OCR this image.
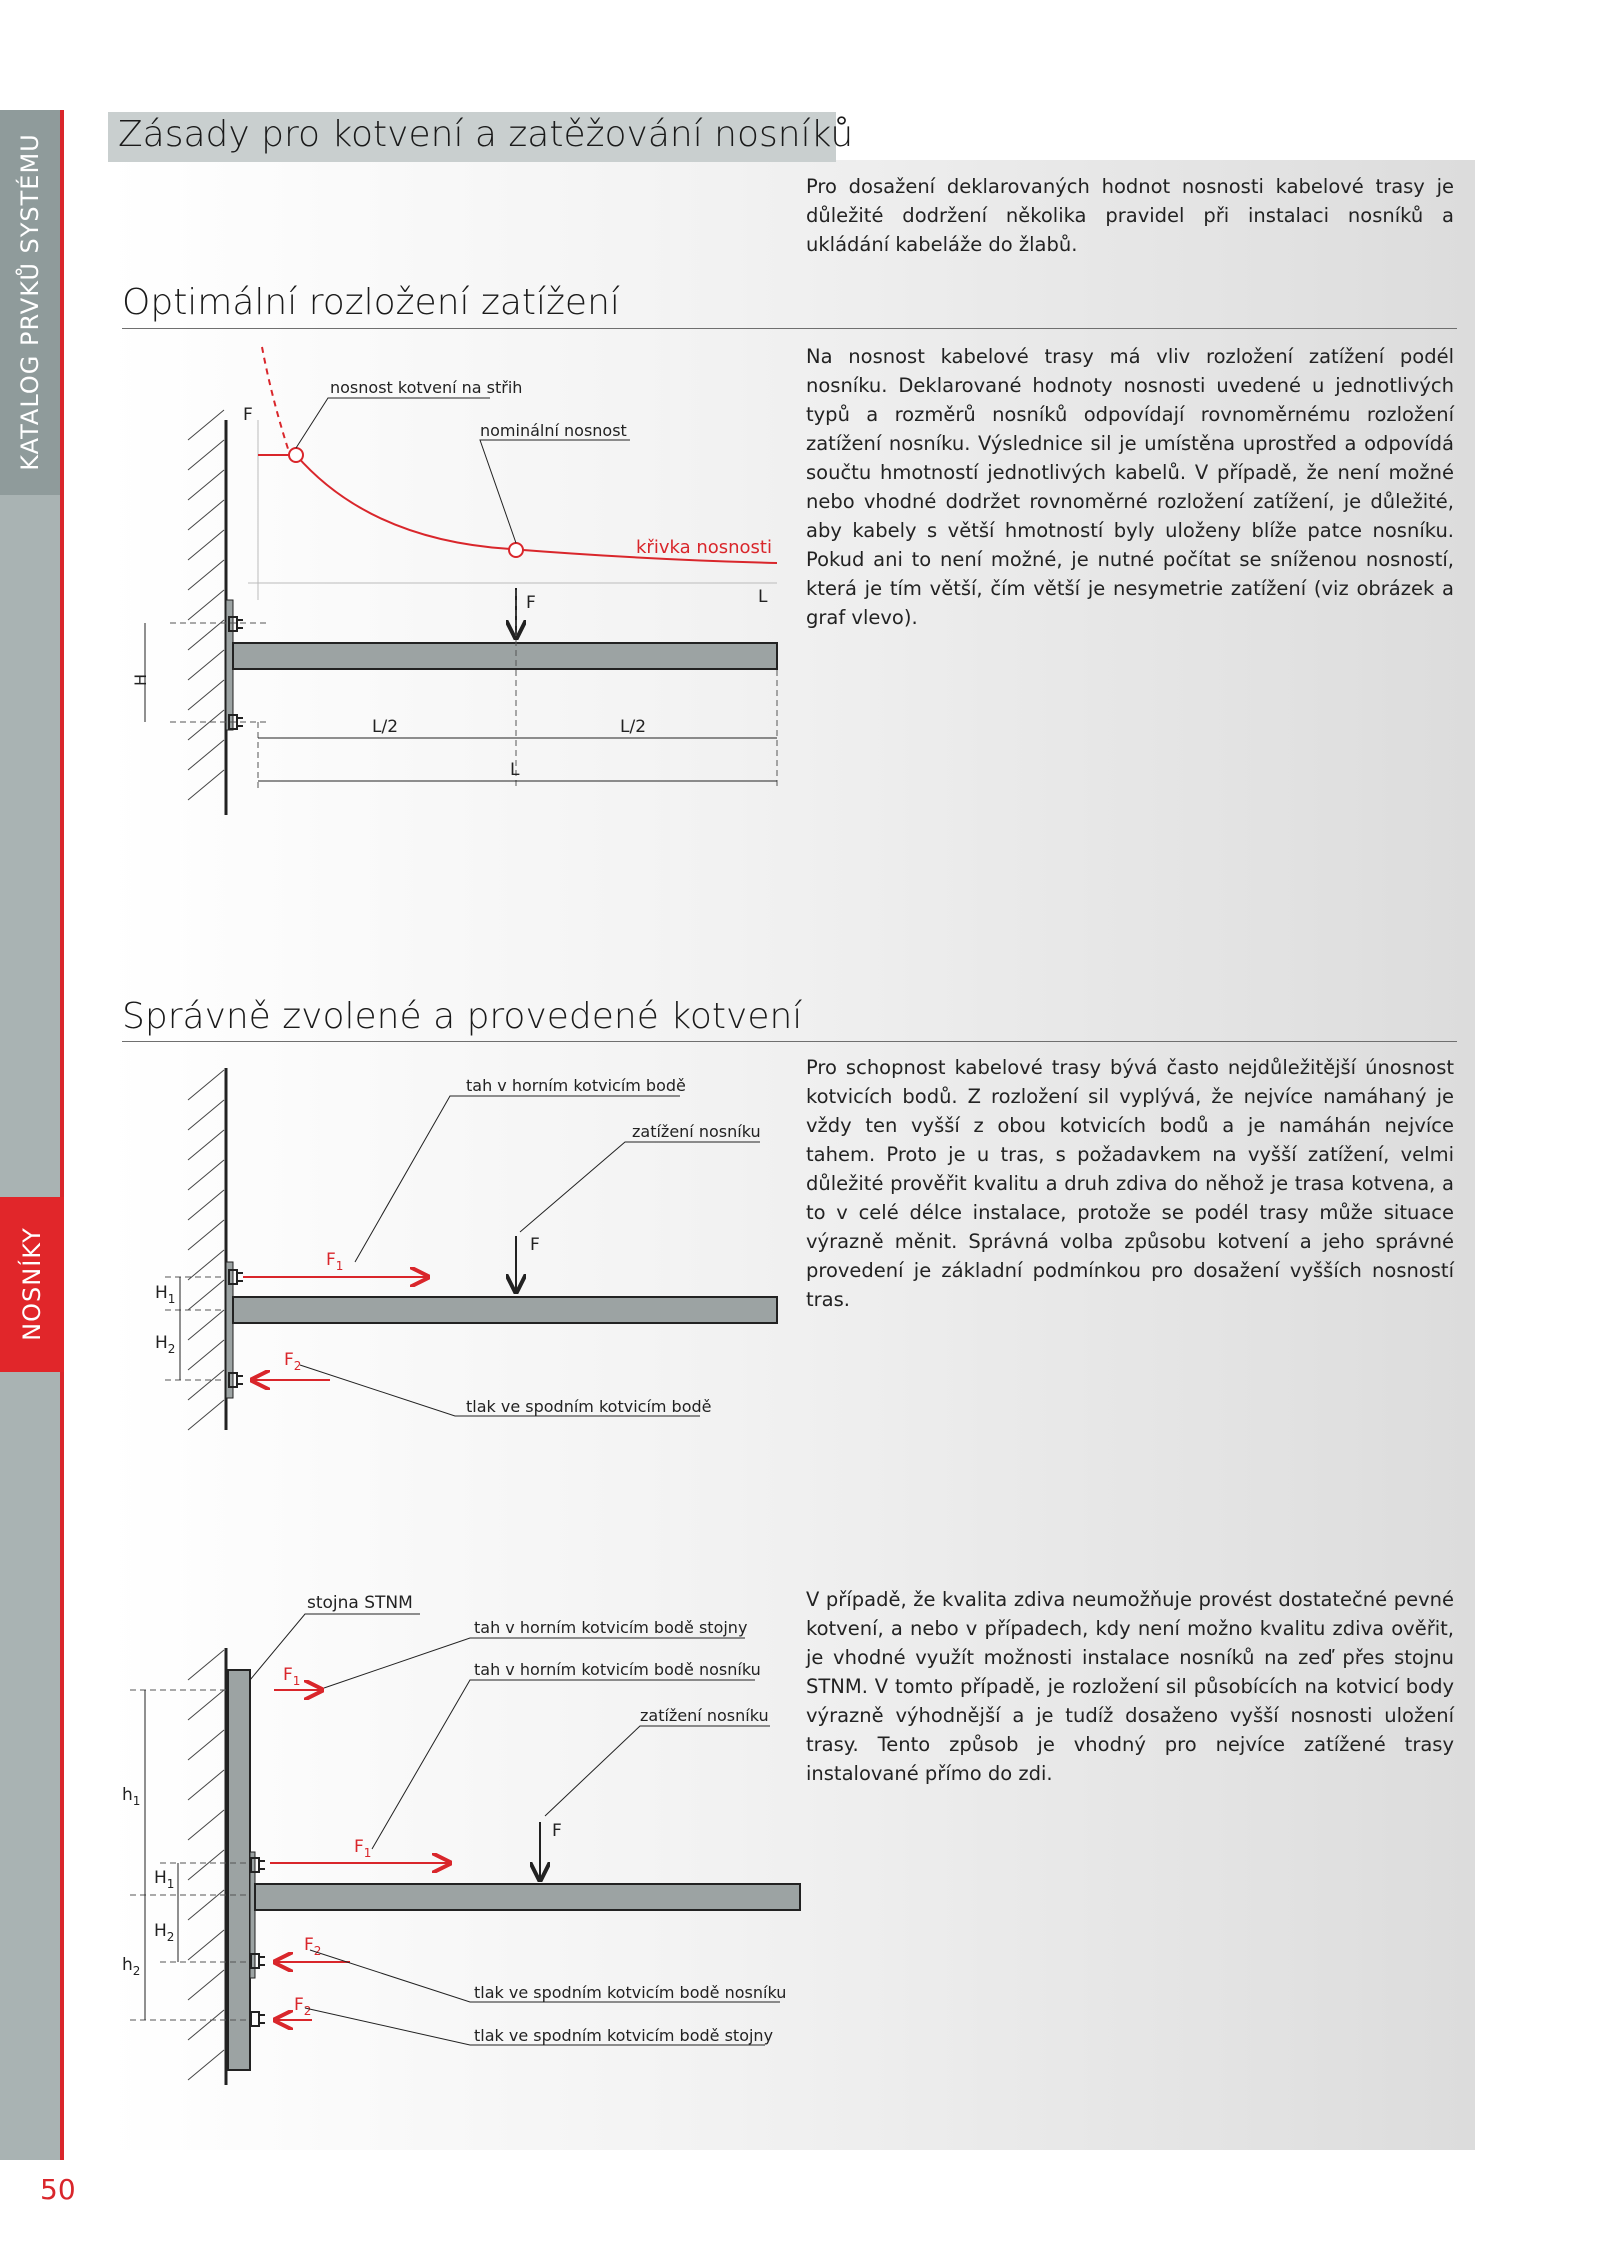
KATALOG PRVKŮ SYSTÉMU
NOSNÍKY
50
Zásady pro kotvení a zatěžování nosníků
Pro dosažení deklarovaných hodnot nosnosti kabelové trasy je důležité dodržení několika pravidel při instalaci nosníků a ukládání kabeláže do žlabů.
Optimální rozložení zatížení
Na nosnost kabelové trasy má vliv rozložení zatížení podél nosníku. Deklarované hodnoty nosnosti uvedené u jednotlivých typů a rozměrů nosníků odpovídají rovnoměrnému rozložení zatížení nosníku. Výslednice sil je umístěna uprostřed a odpovídá součtu hmotností jednotlivých kabelů. V případě, že není možné nebo vhodné dodržet rovnoměrné rozložení zatížení, je důležité, aby kabely s větší hmotností byly uloženy blíže patce nosníku. Pokud ani to není možné, je nutné počítat se sníženou nosností, která je tím větší, čím větší je nesymetrie zatížení (viz obrázek a graf vlevo).
Správně zvolené a provedené kotvení
Pro schopnost kabelové trasy bývá často nejdůležitější únosnost kotvicích bodů. Z rozložení sil vyplývá, že nejvíce namáhaný je vždy ten vyšší z obou kotvicích bodů a je namáhán nejvíce tahem. Proto je u tras, s požadavkem na vyšší zatížení, velmi důležité prověřit kvalitu a druh zdiva do něhož je trasa kotvena, a to v celé délce instalace, protože se podél trasy může situace výrazně měnit. Správná volba způsobu kotvení a jeho správné provedení je základní podmínkou pro dosažení vyšších nosností tras.
V případě, že kvalita zdiva neumožňuje provést dostatečné pevné kotvení, a nebo v případech, kdy není možno kvalitu zdiva ověřit, je vhodné využít možnosti instalace nosníků na zeď přes stojnu STNM. V tomto případě, je rozložení sil působících na kotvicí body výrazně výhodnější a je tudíž dosaženo vyšší nosnosti uložení trasy. Tento způsob je vhodný pro nejvíce zatížené trasy instalované přímo do zdi.
F
L
nosnost kotvení na střih
nominální nosnost
křivka nosnosti
F
H
L/2	L/2
L
$H_1$
$H_2$
$F_1$
$F_2$
F
tah v horním kotvicím bodě
zatížení nosníku
tlak ve spodním kotvicím bodě
$h_1$
$h_2$
$H_1$
$H_2$
$F_1$
$F_1$
$F_2$
$F_2$
F
stojna STNM
tah v horním kotvicím bodě stojny
tah v horním kotvicím bodě nosníku
zatížení nosníku
tlak ve spodním kotvicím bodě nosníku
tlak ve spodním kotvicím bodě stojny
